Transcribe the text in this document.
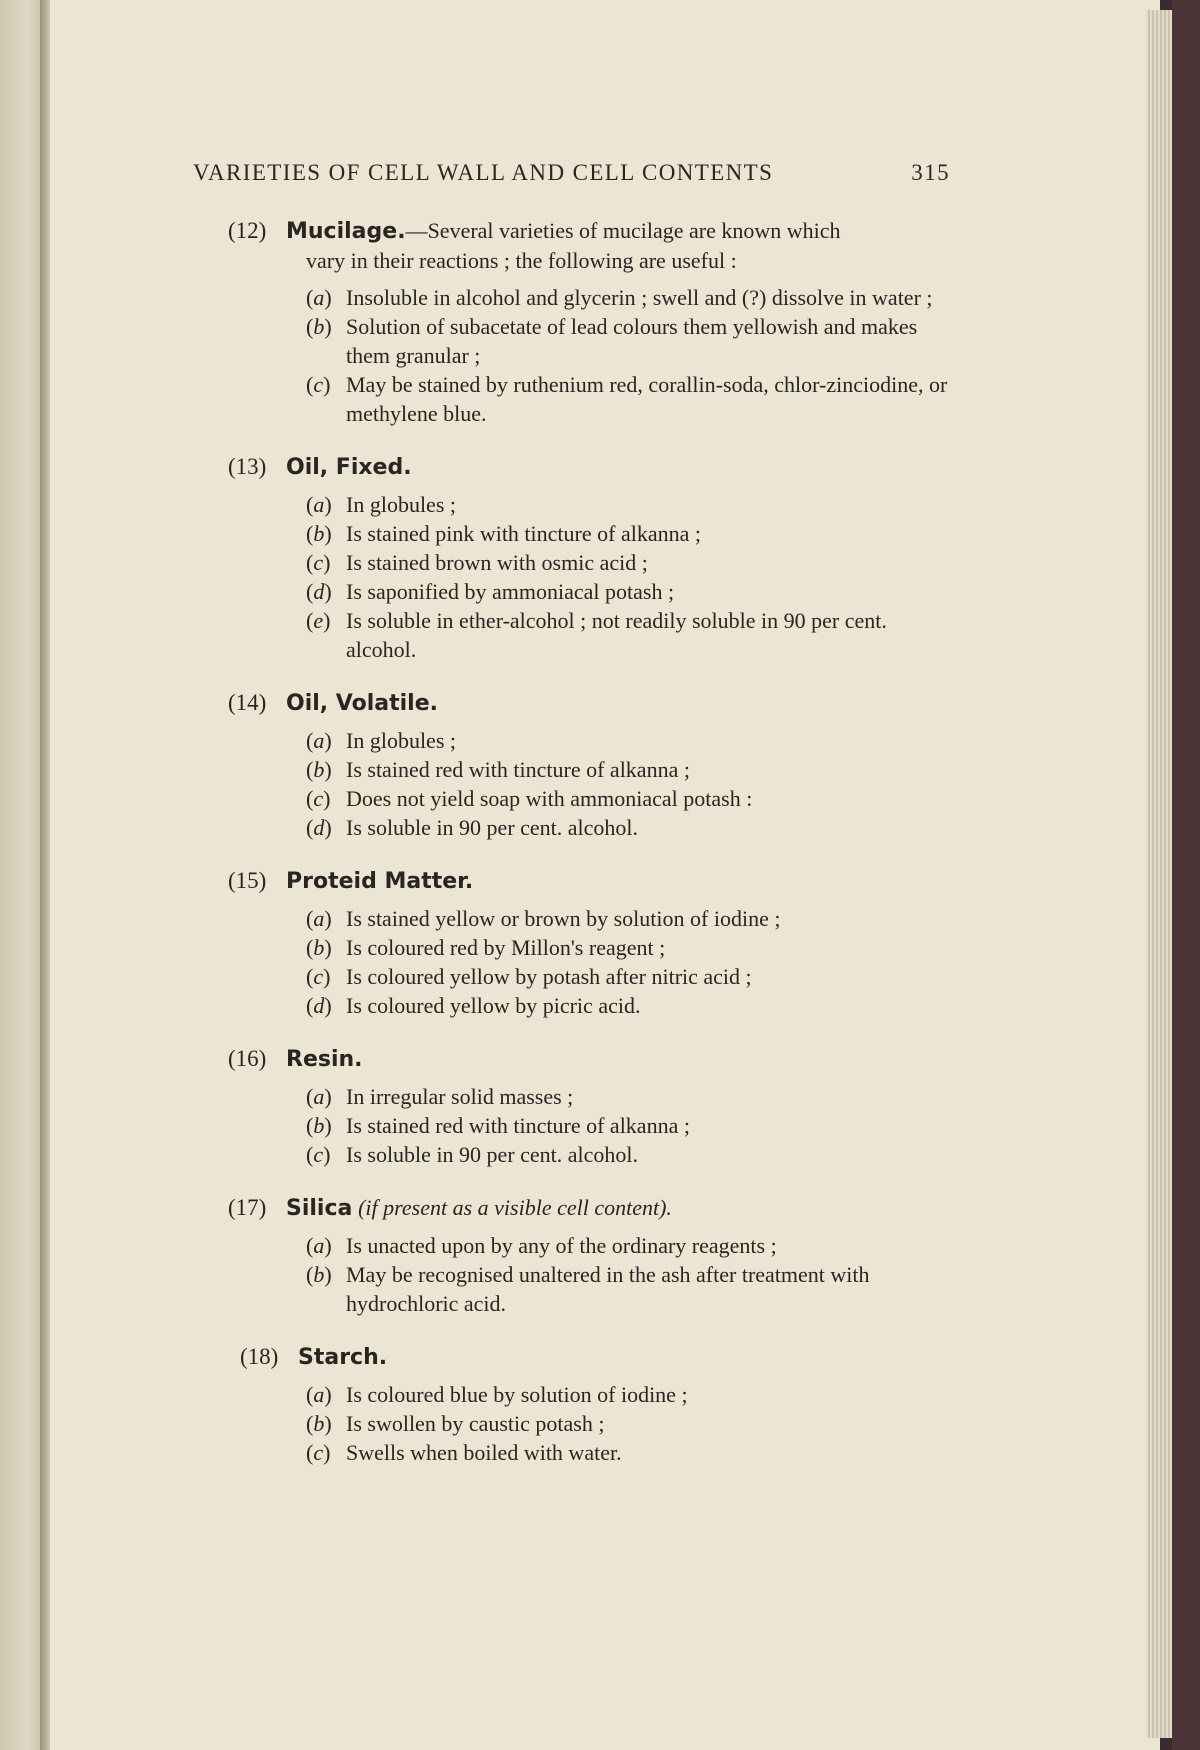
VARIETIES OF CELL WALL AND CELL CONTENTS	315
(12) Mucilage.—Several varieties of mucilage are known which
vary in their reactions ; the following are useful :
(a) Insoluble in alcohol and glycerin ; swell and (?) dissolve in water ;
(b) Solution of subacetate of lead colours them yellowish and makes them granular ;
(c) May be stained by ruthenium red, corallin-soda, chlor-zinciodine, or methylene blue.
(13) Oil, Fixed.
(a) In globules ;
(b) Is stained pink with tincture of alkanna ;
(c) Is stained brown with osmic acid ;
(d) Is saponified by ammoniacal potash ;
(e) Is soluble in ether-alcohol ; not readily soluble in 90 per cent. alcohol.
(14) Oil, Volatile.
(a) In globules ;
(b) Is stained red with tincture of alkanna ;
(c) Does not yield soap with ammoniacal potash :
(d) Is soluble in 90 per cent. alcohol.
(15) Proteid Matter.
(a) Is stained yellow or brown by solution of iodine ;
(b) Is coloured red by Millon's reagent ;
(c) Is coloured yellow by potash after nitric acid ;
(d) Is coloured yellow by picric acid.
(16) Resin.
(a) In irregular solid masses ;
(b) Is stained red with tincture of alkanna ;
(c) Is soluble in 90 per cent. alcohol.
(17) Silica (if present as a visible cell content).
(a) Is unacted upon by any of the ordinary reagents ;
(b) May be recognised unaltered in the ash after treatment with hydrochloric acid.
(18) Starch.
(a) Is coloured blue by solution of iodine ;
(b) Is swollen by caustic potash ;
(c) Swells when boiled with water.
